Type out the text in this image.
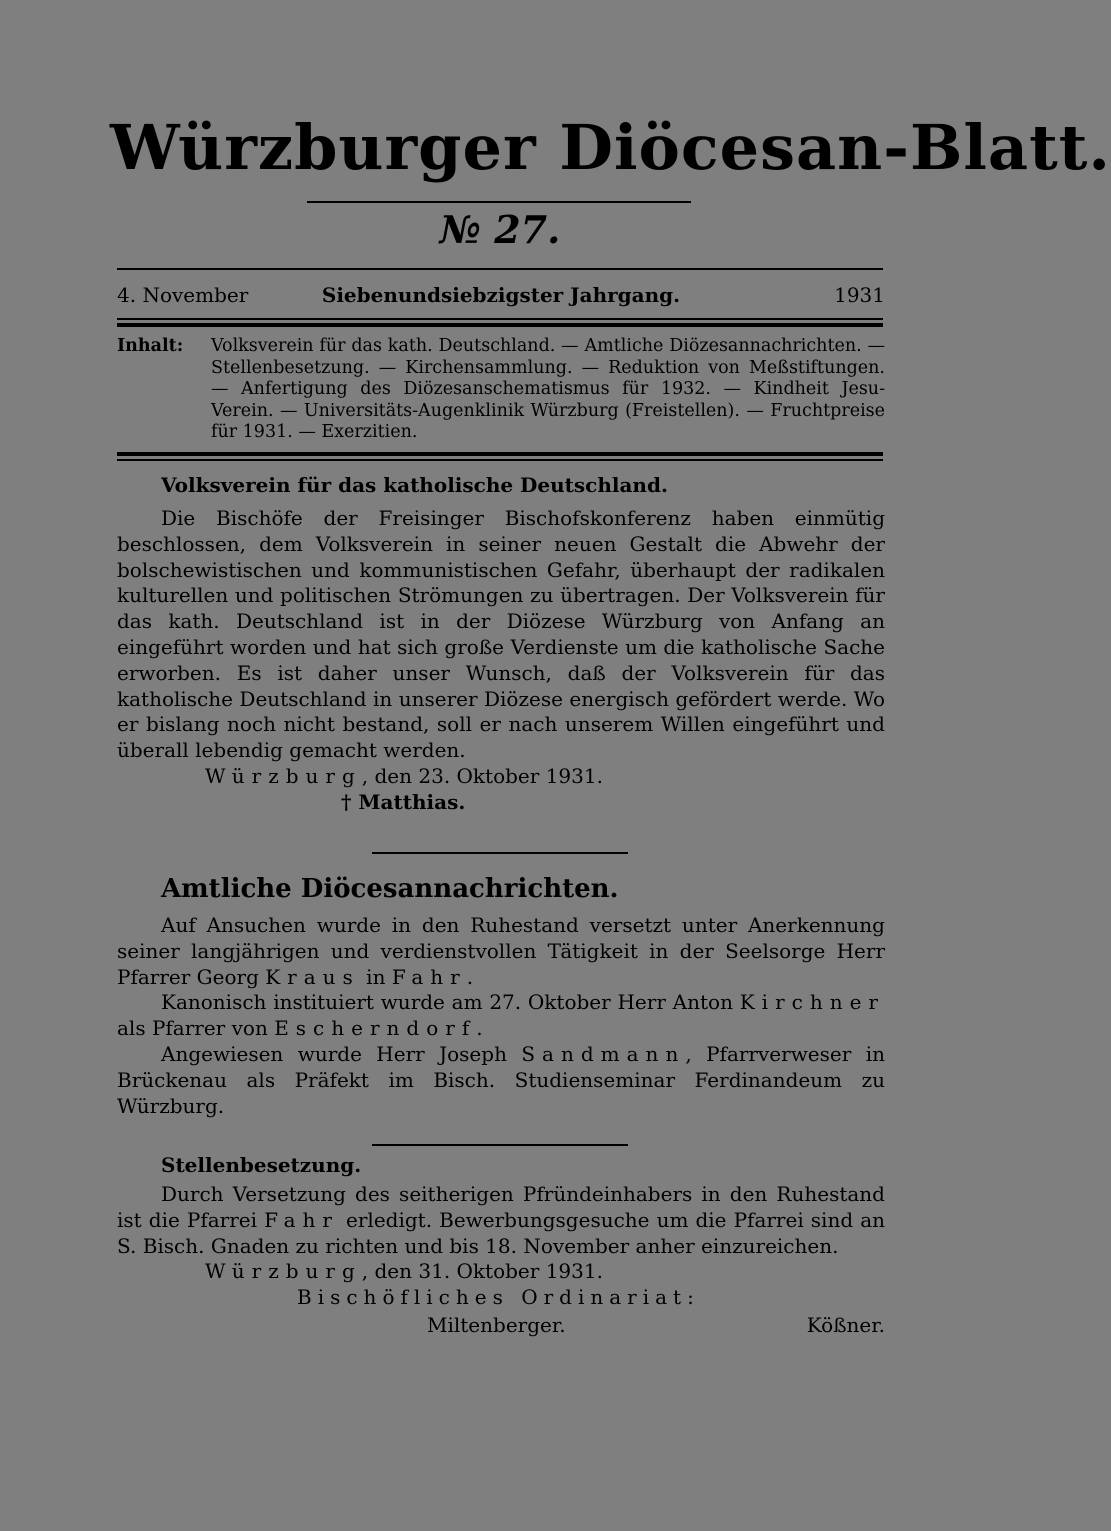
Würzburger Diöcesan-Blatt.
№ 27.
4. November	Siebenundsiebzigster Jahrgang.	1931
Inhalt: Volksverein für das kath. Deutschland. — Amtliche Diözesannachrichten. — Stellenbesetzung. — Kirchensammlung. — Reduktion von Meßstiftungen. — Anfertigung des Diözesanschematismus für 1932. — Kindheit Jesu-Verein. — Universitäts-Augenklinik Würzburg (Freistellen). — Fruchtpreise für 1931. — Exerzitien.

Volksverein für das katholische Deutschland.

Die Bischöfe der Freisinger Bischofskonferenz haben einmütig beschlossen, dem Volksverein in seiner neuen Gestalt die Abwehr der bolschewistischen und kommunistischen Gefahr, überhaupt der radikalen kulturellen und politischen Strömungen zu übertragen. Der Volksverein für das kath. Deutschland ist in der Diözese Würzburg von Anfang an eingeführt worden und hat sich große Verdienste um die katholische Sache erworben. Es ist daher unser Wunsch, daß der Volksverein für das katholische Deutschland in unserer Diözese energisch gefördert werde. Wo er bislang noch nicht bestand, soll er nach unserem Willen eingeführt und überall lebendig gemacht werden.

Würzburg, den 23. Oktober 1931.

† Matthias.

Amtliche Diöcesannachrichten.

Auf Ansuchen wurde in den Ruhestand versetzt unter Anerkennung seiner langjährigen und verdienstvollen Tätigkeit in der Seelsorge Herr Pfarrer Georg Kraus in Fahr.

Kanonisch instituiert wurde am 27. Oktober Herr Anton Kirchner als Pfarrer von Escherndorf.

Angewiesen wurde Herr Joseph Sandmann, Pfarrverweser in Brückenau als Präfekt im Bisch. Studienseminar Ferdinandeum zu Würzburg.

Stellenbesetzung.

Durch Versetzung des seitherigen Pfründeinhabers in den Ruhestand ist die Pfarrei Fahr erledigt. Bewerbungsgesuche um die Pfarrei sind an S. Bisch. Gnaden zu richten und bis 18. November anher einzureichen.

Würzburg, den 31. Oktober 1931.

Bischöfliches Ordinariat:
Miltenberger.	Kößner.
